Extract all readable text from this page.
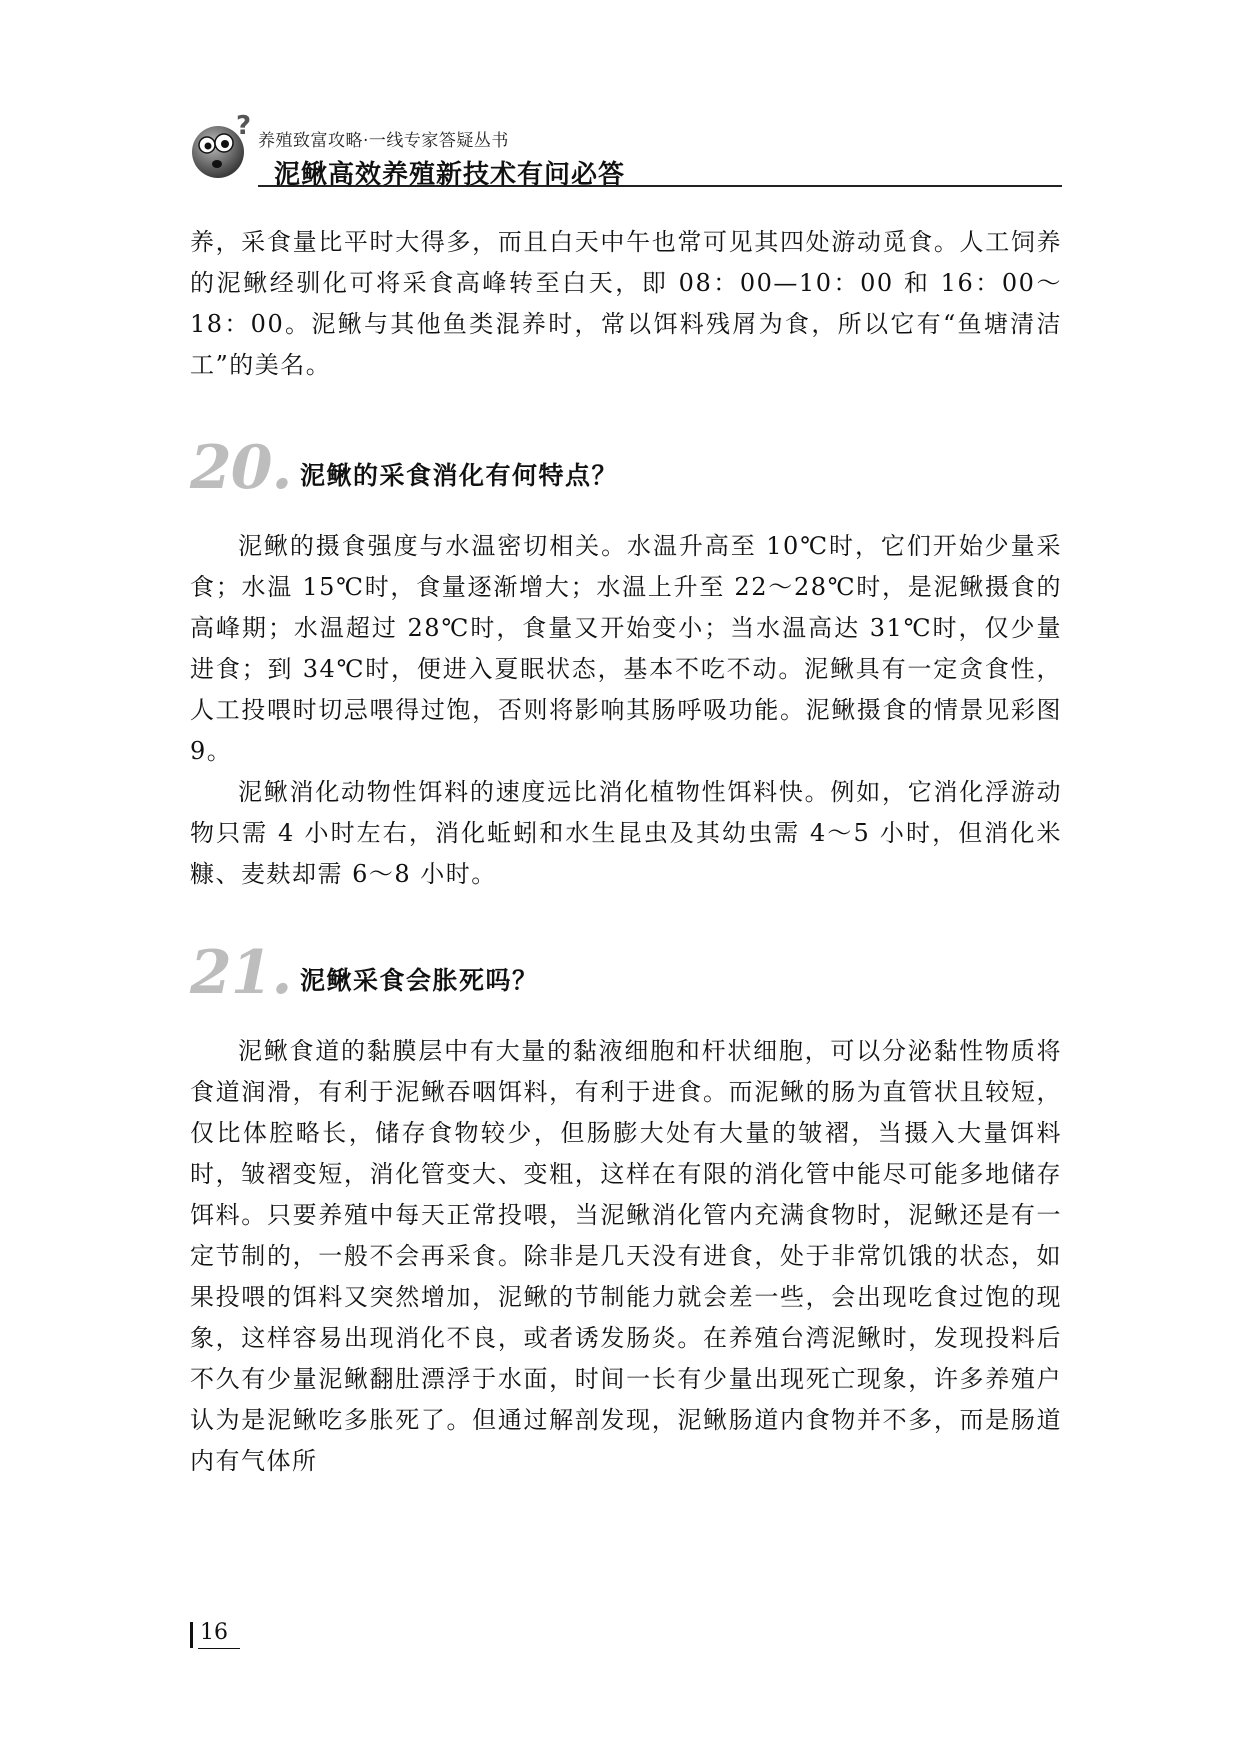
? 养殖致富攻略·一线专家答疑丛书
泥鳅高效养殖新技术有问必答

养，采食量比平时大得多，而且白天中午也常可见其四处游动觅食。人工饲养的泥鳅经驯化可将采食高峰转至白天，即 08：00—10：00 和 16：00～18：00。泥鳅与其他鱼类混养时，常以饵料残屑为食，所以它有“鱼塘清洁工”的美名。

20. 泥鳅的采食消化有何特点？

泥鳅的摄食强度与水温密切相关。水温升高至 10℃时，它们开始少量采食；水温 15℃时，食量逐渐增大；水温上升至 22～28℃时，是泥鳅摄食的高峰期；水温超过 28℃时，食量又开始变小；当水温高达 31℃时，仅少量进食；到 34℃时，便进入夏眠状态，基本不吃不动。泥鳅具有一定贪食性，人工投喂时切忌喂得过饱，否则将影响其肠呼吸功能。泥鳅摄食的情景见彩图 9。

泥鳅消化动物性饵料的速度远比消化植物性饵料快。例如，它消化浮游动物只需 4 小时左右，消化蚯蚓和水生昆虫及其幼虫需 4～5 小时，但消化米糠、麦麸却需 6～8 小时。

21. 泥鳅采食会胀死吗？

泥鳅食道的黏膜层中有大量的黏液细胞和杆状细胞，可以分泌黏性物质将食道润滑，有利于泥鳅吞咽饵料，有利于进食。而泥鳅的肠为直管状且较短，仅比体腔略长，储存食物较少，但肠膨大处有大量的皱褶，当摄入大量饵料时，皱褶变短，消化管变大、变粗，这样在有限的消化管中能尽可能多地储存饵料。只要养殖中每天正常投喂，当泥鳅消化管内充满食物时，泥鳅还是有一定节制的，一般不会再采食。除非是几天没有进食，处于非常饥饿的状态，如果投喂的饵料又突然增加，泥鳅的节制能力就会差一些，会出现吃食过饱的现象，这样容易出现消化不良，或者诱发肠炎。在养殖台湾泥鳅时，发现投料后不久有少量泥鳅翻肚漂浮于水面，时间一长有少量出现死亡现象，许多养殖户认为是泥鳅吃多胀死了。但通过解剖发现，泥鳅肠道内食物并不多，而是肠道内有气体所

16
